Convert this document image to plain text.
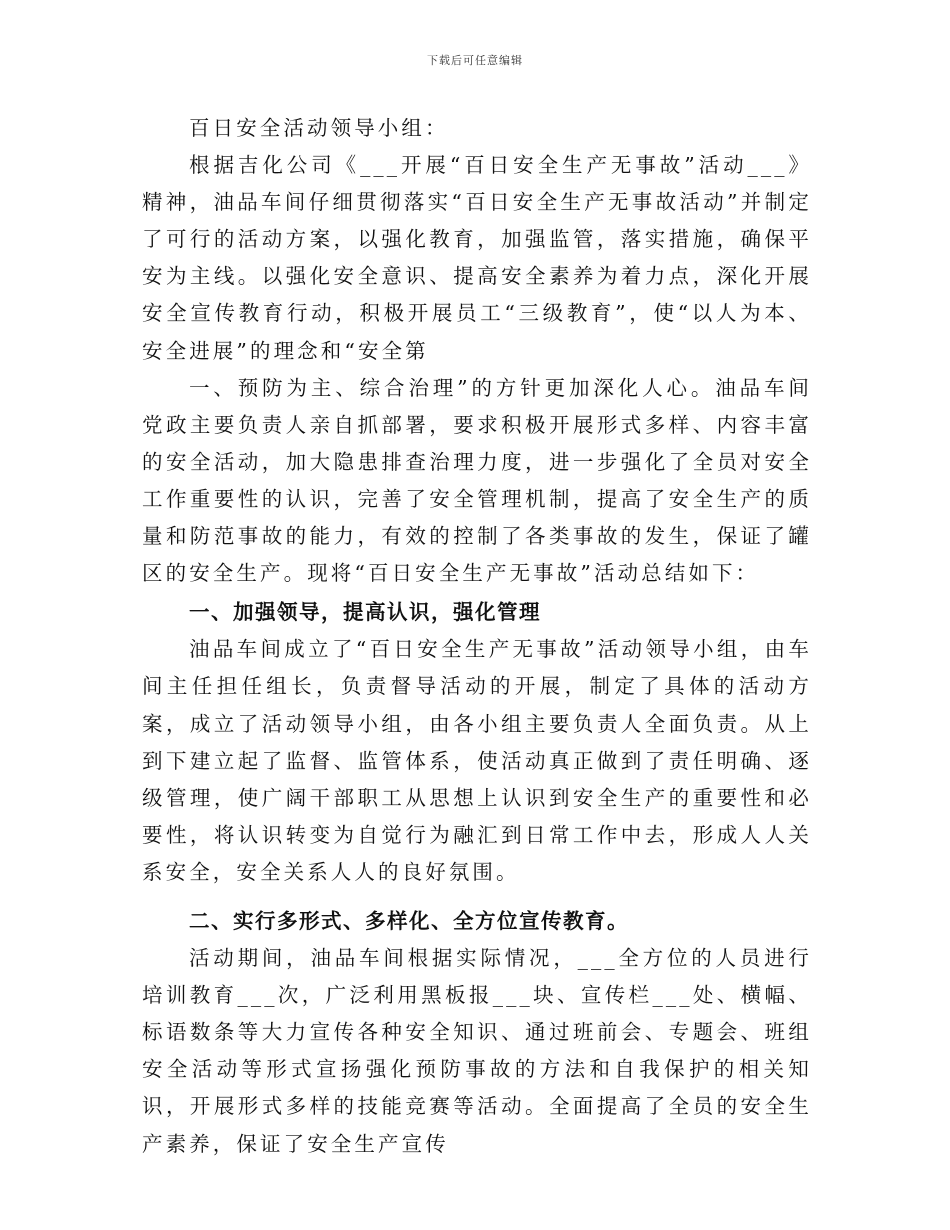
下载后可任意编辑

百日安全活动领导小组：

根据吉化公司《___开展“百日安全生产无事故”活动___》精神，油品车间仔细贯彻落实“百日安全生产无事故活动”并制定了可行的活动方案，以强化教育，加强监管，落实措施，确保平安为主线。以强化安全意识、提高安全素养为着力点，深化开展安全宣传教育行动，积极开展员工“三级教育”，使“以人为本、安全进展”的理念和“安全第

一、预防为主、综合治理”的方针更加深化人心。油品车间党政主要负责人亲自抓部署，要求积极开展形式多样、内容丰富的安全活动，加大隐患排查治理力度，进一步强化了全员对安全工作重要性的认识，完善了安全管理机制，提高了安全生产的质量和防范事故的能力，有效的控制了各类事故的发生，保证了罐区的安全生产。现将“百日安全生产无事故”活动总结如下：

一、加强领导，提高认识，强化管理

油品车间成立了“百日安全生产无事故”活动领导小组，由车间主任担任组长，负责督导活动的开展，制定了具体的活动方案，成立了活动领导小组，由各小组主要负责人全面负责。从上到下建立起了监督、监管体系，使活动真正做到了责任明确、逐级管理，使广阔干部职工从思想上认识到安全生产的重要性和必要性，将认识转变为自觉行为融汇到日常工作中去，形成人人关系安全，安全关系人人的良好氛围。

二、实行多形式、多样化、全方位宣传教育。

活动期间，油品车间根据实际情况，___全方位的人员进行培训教育___次，广泛利用黑板报___块、宣传栏___处、横幅、标语数条等大力宣传各种安全知识、通过班前会、专题会、班组安全活动等形式宣扬强化预防事故的方法和自我保护的相关知识，开展形式多样的技能竞赛等活动。全面提高了全员的安全生产素养，保证了安全生产宣传
